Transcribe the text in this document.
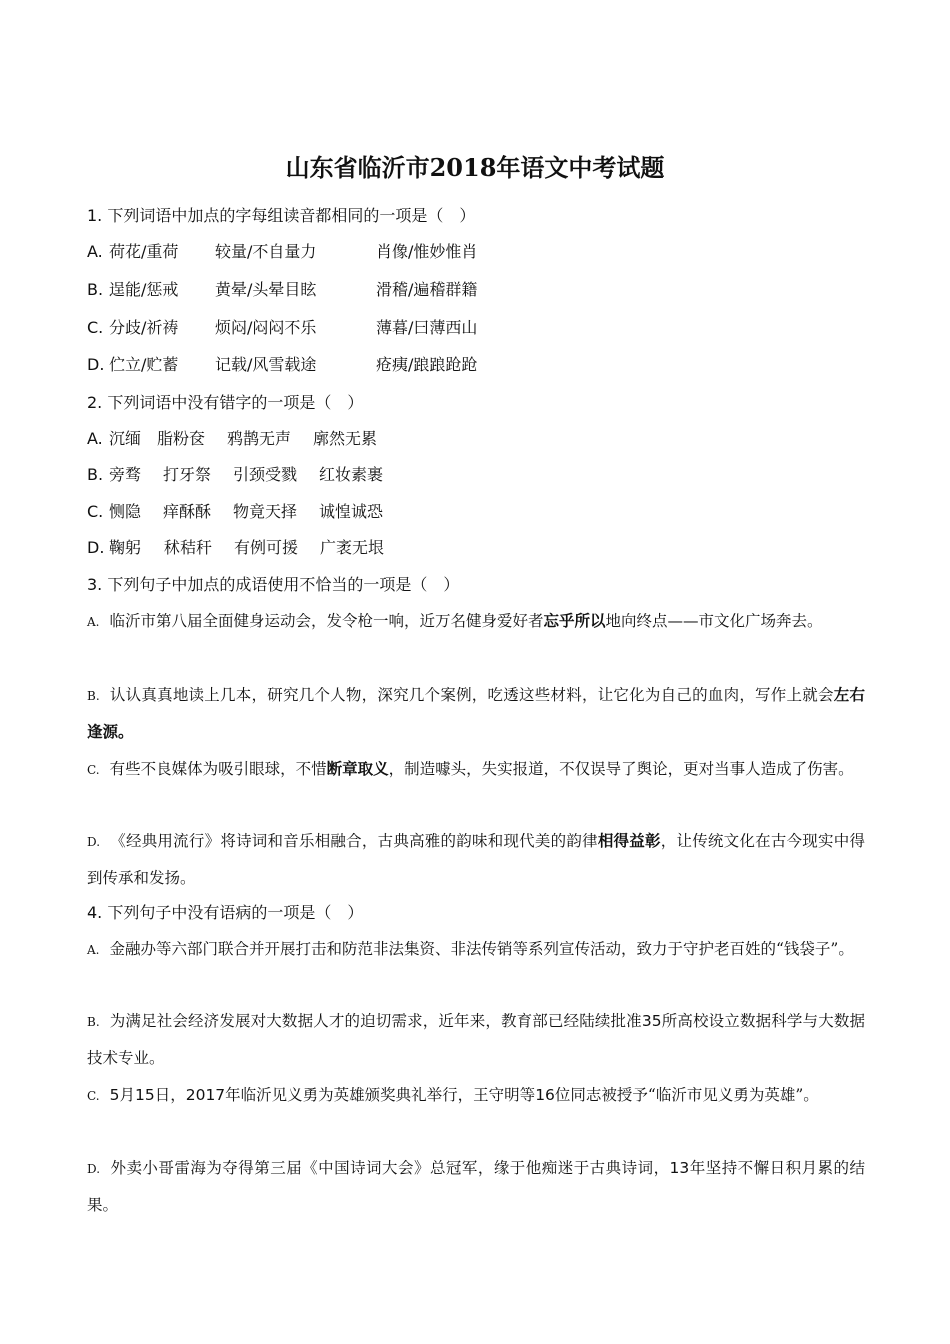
山东省临沂市2018年语文中考试题
1. 下列词语中加点的字每组读音都相同的一项是（　）
A. 荷花/重荷 较量/不自量力	肖像/惟妙惟肖
B. 逞能/惩戒 黄晕/头晕目眩	滑稽/遍稽群籍
C. 分歧/祈祷 烦闷/闷闷不乐	薄暮/曰薄西山
D. 伫立/贮蓄 记载/风雪载途	疮痍/踉踉跄跄
2. 下列词语中没有错字的一项是（　）
A. 沉缅 脂粉奁 鸦鹊无声 廓然无累
B. 旁骛 打牙祭 引颈受戮 红妆素裹
C. 恻隐 痒酥酥 物竟天择 诚惶诚恐
D. 鞠躬 秫秸秆 有例可援 广袤无垠
3. 下列句子中加点的成语使用不恰当的一项是（　）
A. 临沂市第八届全面健身运动会，发令枪一响，近万名健身爱好者忘乎所以地向终点——市文化广场奔去。
B. 认认真真地读上几本，研究几个人物，深究几个案例，吃透这些材料，让它化为自己的血肉，写作上就会左右逢源。
C. 有些不良媒体为吸引眼球，不惜断章取义，制造噱头，失实报道，不仅误导了舆论，更对当事人造成了伤害。
D. 《经典用流行》将诗词和音乐相融合，古典高雅的韵味和现代美的韵律相得益彰，让传统文化在古今现实中得到传承和发扬。
4. 下列句子中没有语病的一项是（　）
A. 金融办等六部门联合并开展打击和防范非法集资、非法传销等系列宣传活动，致力于守护老百姓的“钱袋子”。
B. 为满足社会经济发展对大数据人才的迫切需求，近年来，教育部已经陆续批准35所高校设立数据科学与大数据技术专业。
C. 5月15日，2017年临沂见义勇为英雄颁奖典礼举行，王守明等16位同志被授予“临沂市见义勇为英雄”。
D. 外卖小哥雷海为夺得第三届《中国诗词大会》总冠军，缘于他痴迷于古典诗词，13年坚持不懈日积月累的结果。
